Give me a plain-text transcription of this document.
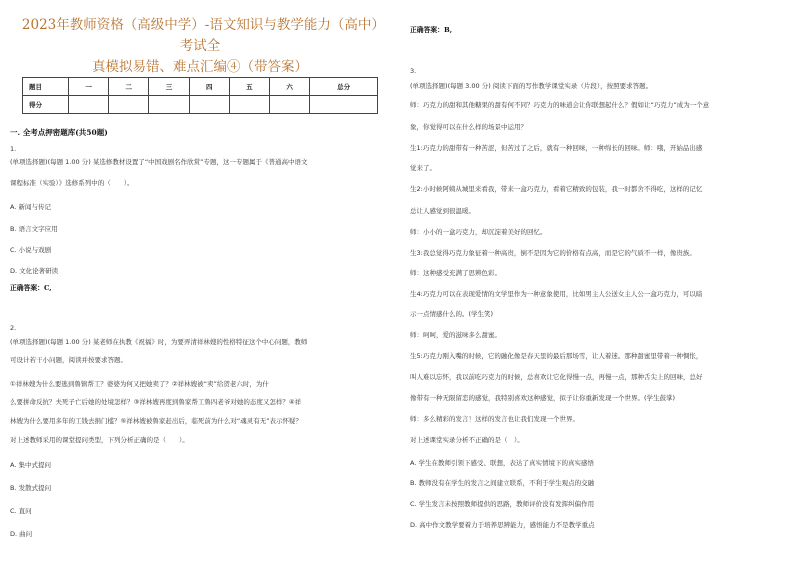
2023年教师资格（高级中学）-语文知识与教学能力（高中）考试全
真模拟易错、难点汇编④（带答案）
题目	一	二	三	四	五	六	总分
得分							
一. 全考点押密题库(共50题)
1.
(单项选择题)(每题 1.00 分) 某选修教材设置了“中国戏剧名作欣赏”专题，这一专题属于《普通高中语文
课程标准（实验）》选修系列中的（　　）。
A. 新闻与传记
B. 语言文字应用
C. 小说与戏剧
D. 文化论著研读
正确答案：C,
2.
(单项选择题)(每题 1.00 分) 某老师在执教《祝福》时，为要弄清祥林嫂的性格特征这个中心问题，教师
可设计若干小问题，阅读并按要求答题。
①祥林嫂为什么要逃到鲁镇帮工？婆婆为何又把她卖了？②祥林嫂被“卖”给贺老六时，为什
么要拼命反抗？夫死子亡后她的处境怎样？③祥林嫂再度到鲁家帮工鲁四老爷对她的态度又怎样？④祥
林嫂为什么要用多年的工钱去捐门槛？⑤祥林嫂被鲁家赶出后，临死前为什么对“魂灵有无”表示怀疑？
对上述教师采用的课堂提问类型，下列分析正确的是（　　）。
A. 集中式提问
B. 发散式提问
C. 直问
D. 曲问
正确答案：B,
3.
(单项选择题)(每题 3.00 分) 阅读下面的写作教学课堂实录（片段），按照要求答题。
师：巧克力的甜和其他糖果的甜有何不同？巧克力的味道会让你联想起什么？假如让“巧克力”成为一个意
象，你觉得可以在什么样的场景中运用？
生1:巧克力的甜带有一种苦涩，但苦过了之后，就有一种回味，一种绵长的回味。师：哦，开始品出感
觉来了。
生2:小时候阿姨从城里来看我，带来一盒巧克力，看着它精致的包装，我一时都舍不得吃，这样的记忆
总让人感觉到很温暖。
师：小小的一盒巧克力，却沉淀着美好的回忆。
生3:我总觉得巧克力象征着一种高贵，倒不是因为它的价格有点高，而是它的气质不一样，像贵族。
师：这种感受充满了思辨色彩。
生4:巧克力可以在表现爱情的文学里作为一种意象使用，比如男主人公送女主人公一盒巧克力，可以暗
示一点情感什么的。(学生笑)
师：呵呵，爱的滋味多么甜蜜。
生5:巧克力刚入嘴的时候，它的融化像是春天里的最后那场雪，让人着迷。那种甜蜜里带着一种惆怅，
叫人难以忘怀，我以前吃巧克力的时候，总喜欢让它化得慢一点，再慢一点，那种舌尖上的回味，总好
像带有一种无限留恋的感觉，我特别喜欢这种感觉，拟子让你重新发现一个世界。(学生鼓掌)
师：多么精彩的发言！这样的发言也让我们发现一个世界。
对上述课堂实录分析不正确的是（　）。
A. 学生在教师引领下感受、联想，表达了真实情境下的真实感悟
B. 教师没有在学生的发言之间建立联系，不利于学生观点的交融
C. 学生发言未按照教师提供的思路，教师评价没有发挥纠偏作用
D. 高中作文教学要着力于培养思辨能力，感悟能力不是教学重点
